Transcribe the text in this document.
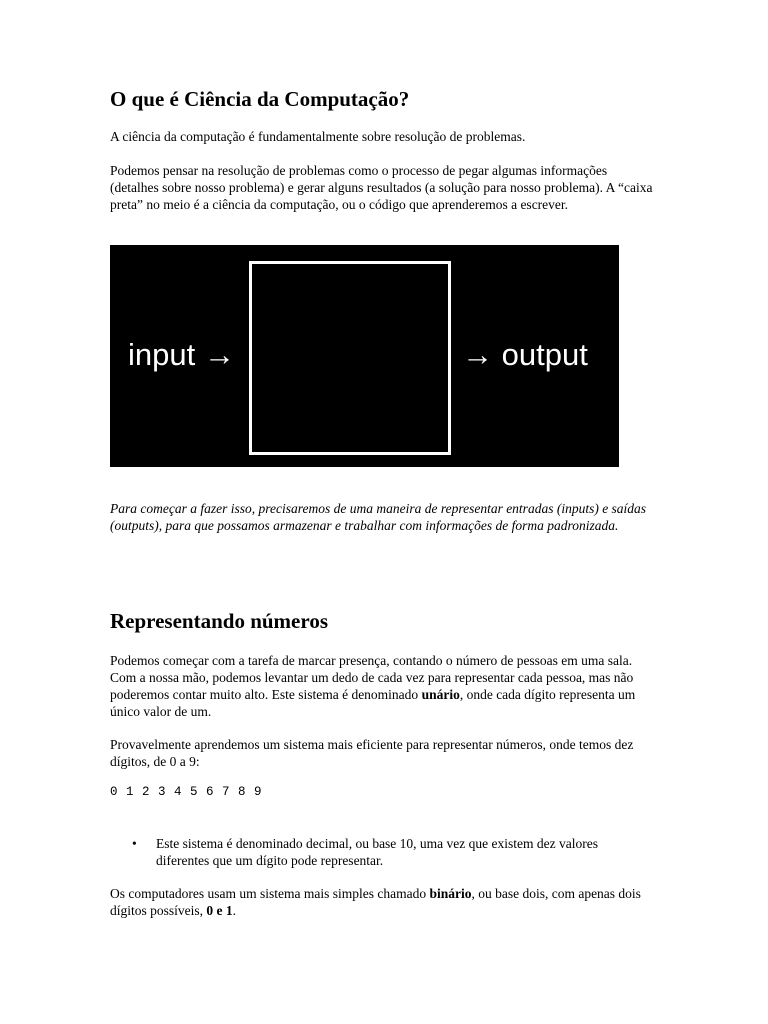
O que é Ciência da Computação?

A ciência da computação é fundamentalmente sobre resolução de problemas.

Podemos pensar na resolução de problemas como o processo de pegar algumas informações (detalhes sobre nosso problema) e gerar alguns resultados (a solução para nosso problema). A “caixa preta” no meio é a ciência da computação, ou o código que aprenderemos a escrever.

input →	→ output

Para começar a fazer isso, precisaremos de uma maneira de representar entradas (inputs) e saídas (outputs), para que possamos armazenar e trabalhar com informações de forma padronizada.

Representando números

Podemos começar com a tarefa de marcar presença, contando o número de pessoas em uma sala. Com a nossa mão, podemos levantar um dedo de cada vez para representar cada pessoa, mas não poderemos contar muito alto. Este sistema é denominado unário, onde cada dígito representa um único valor de um.

Provavelmente aprendemos um sistema mais eficiente para representar números, onde temos dez dígitos, de 0 a 9:

0 1 2 3 4 5 6 7 8 9
• Este sistema é denominado decimal, ou base 10, uma vez que existem dez valores diferentes que um dígito pode representar.

Os computadores usam um sistema mais simples chamado binário, ou base dois, com apenas dois dígitos possíveis, 0 e 1.
